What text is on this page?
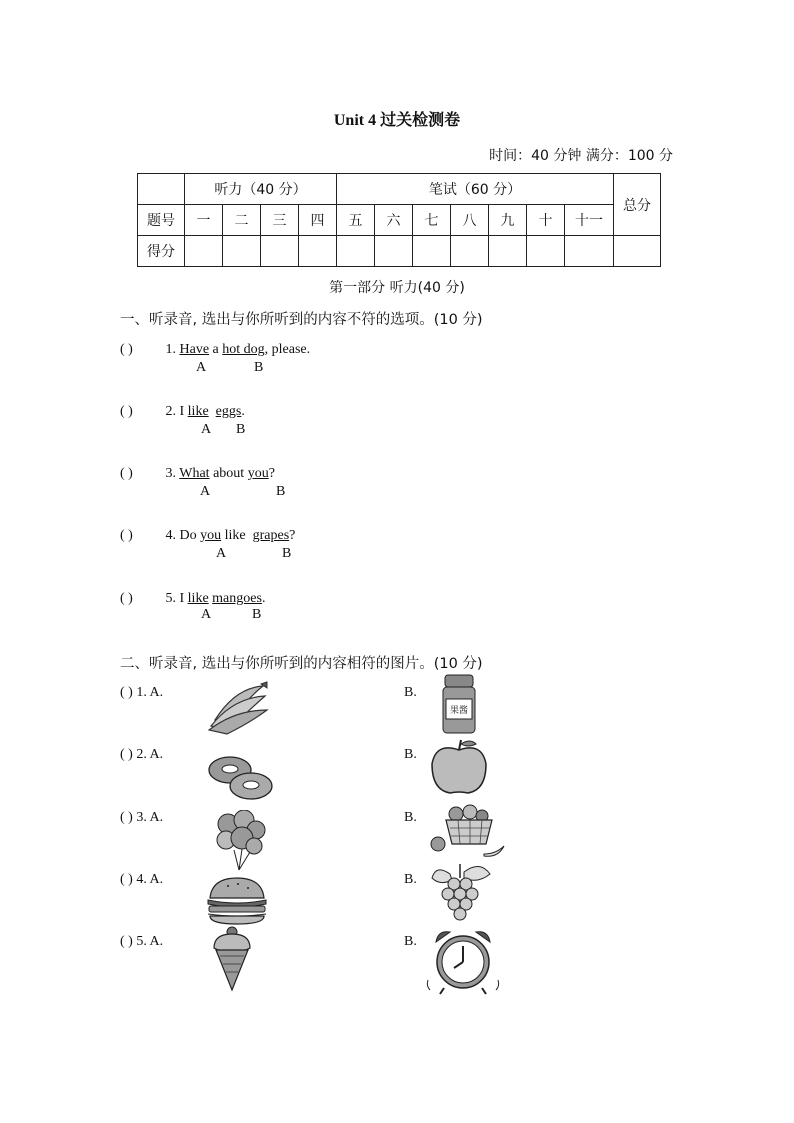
Unit 4 过关检测卷
时间：40 分钟 满分：100 分
	听力（40 分）				笔试（60 分）							总分
题号	一	二	三	四	五	六	七	八	九	十	十一	
得分												
第一部分 听力(40 分)
一、听录音, 选出与你所听到的内容不符的选项。(10 分)
( ) 1. Have a hot dog, please.
A	B
( ) 2. I like eggs.
A B
( ) 3. What about you?
A	B
( ) 4. Do you like  grapes?
A	B
( ) 5. I like mangoes.
A	B
二、听录音, 选出与你所听到的内容相符的图片。(10 分)
( ) 1. A.	B.
( ) 2. A.	B.
( ) 3. A.	B.
( ) 4. A.	B.
( ) 5. A.	B.
果酱
